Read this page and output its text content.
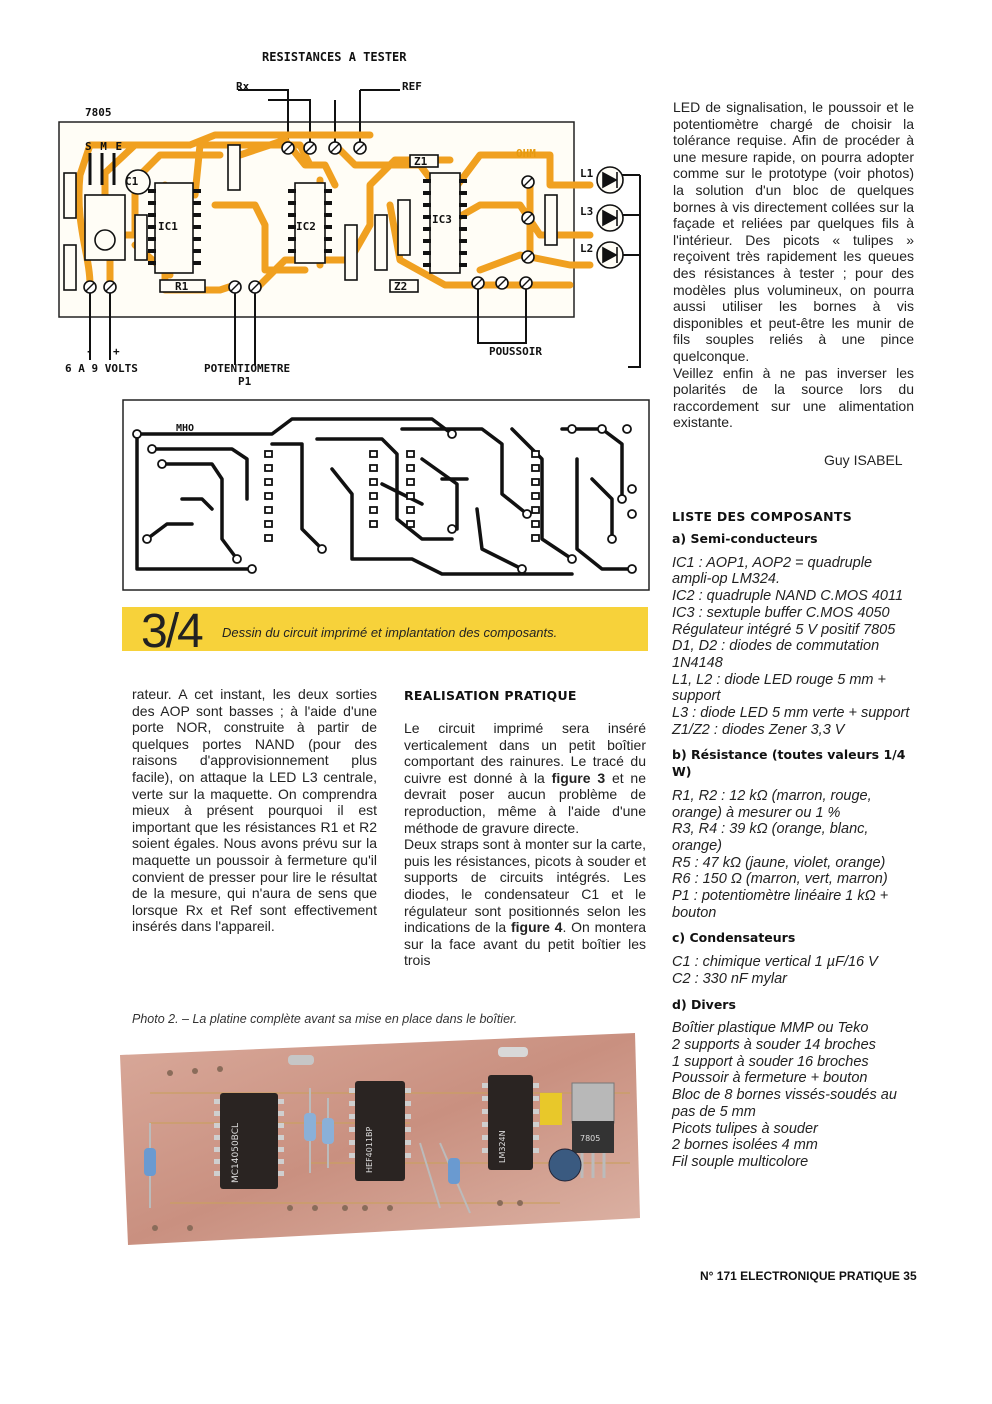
RESISTANCES A TESTER
Rx	REF
7805
IC1	IC2
IC3
R1
OHM
Z1
Z2
C1
L1
L3
L2
S M E
- +
6 A 9 VOLTS	POTENTIOMETRE
P1
POUSSOIR
MHO
3/4 Dessin du circuit imprimé et implantation des composants.

rateur. A cet instant, les deux sorties des AOP sont basses ; à l'aide d'une porte NOR, construite à partir de quelques portes NAND (pour des raisons d'approvisionnement plus facile), on attaque la LED L3 centrale, verte sur la maquette. On comprendra mieux à présent pourquoi il est important que les résistances R1 et R2 soient égales. Nous avons prévu sur la maquette un poussoir à fermeture qu'il convient de presser pour lire le résultat de la mesure, qui n'aura de sens que lorsque Rx et Ref sont effectivement insérés dans l'appareil.

REALISATION PRATIQUE

Le circuit imprimé sera inséré verticalement dans un petit boîtier comportant des rainures. Le tracé du cuivre est donné à la figure 3 et ne devrait poser aucun problème de reproduction, même à l'aide d'une méthode de gravure directe.

Deux straps sont à monter sur la carte, puis les résistances, picots à souder et supports de circuits intégrés. Les diodes, le condensateur C1 et le régulateur sont positionnés selon les indications de la figure 4. On montera sur la face avant du petit boîtier les trois

LED de signalisation, le poussoir et le potentiomètre chargé de choisir la tolérance requise. Afin de procéder à une mesure rapide, on pourra adopter comme sur le prototype (voir photos) la solution d'un bloc de quelques bornes à vis directement collées sur la façade et reliées par quelques fils à l'intérieur. Des picots « tulipes » reçoivent très rapidement les queues des résistances à tester ; pour des modèles plus volumineux, on pourra aussi utiliser les bornes à vis disponibles et peut-être les munir de fils souples reliés à une pince quelconque.

Veillez enfin à ne pas inverser les polarités de la source lors du raccordement sur une alimentation existante.

Guy ISABEL
Photo 2. – La platine complète avant sa mise en place dans le boîtier.
MC14050BCL	HEF4011BP	LM324N	7805
LISTE DES COMPOSANTS
a) Semi-conducteurs
IC1 : AOP1, AOP2 = quadruple ampli-op LM324.
IC2 : quadruple NAND C.MOS 4011
IC3 : sextuple buffer C.MOS 4050
Régulateur intégré 5 V positif 7805
D1, D2 : diodes de commutation 1N4148
L1, L2 : diode LED rouge 5 mm + support
L3 : diode LED 5 mm verte + support
Z1/Z2 : diodes Zener 3,3 V
b) Résistance (toutes valeurs 1/4 W)
R1, R2 : 12 kΩ (marron, rouge, orange) à mesurer ou 1 %
R3, R4 : 39 kΩ (orange, blanc, orange)
R5 : 47 kΩ (jaune, violet, orange)
R6 : 150 Ω (marron, vert, marron)
P1 : potentiomètre linéaire 1 kΩ + bouton
c) Condensateurs
C1 : chimique vertical 1 µF/16 V
C2 : 330 nF mylar
d) Divers
Boîtier plastique MMP ou Teko
2 supports à souder 14 broches
1 support à souder 16 broches
Poussoir à fermeture + bouton
Bloc de 8 bornes vissés-soudés au pas de 5 mm
Picots tulipes à souder
2 bornes isolées 4 mm
Fil souple multicolore
N° 171 ELECTRONIQUE PRATIQUE 35
